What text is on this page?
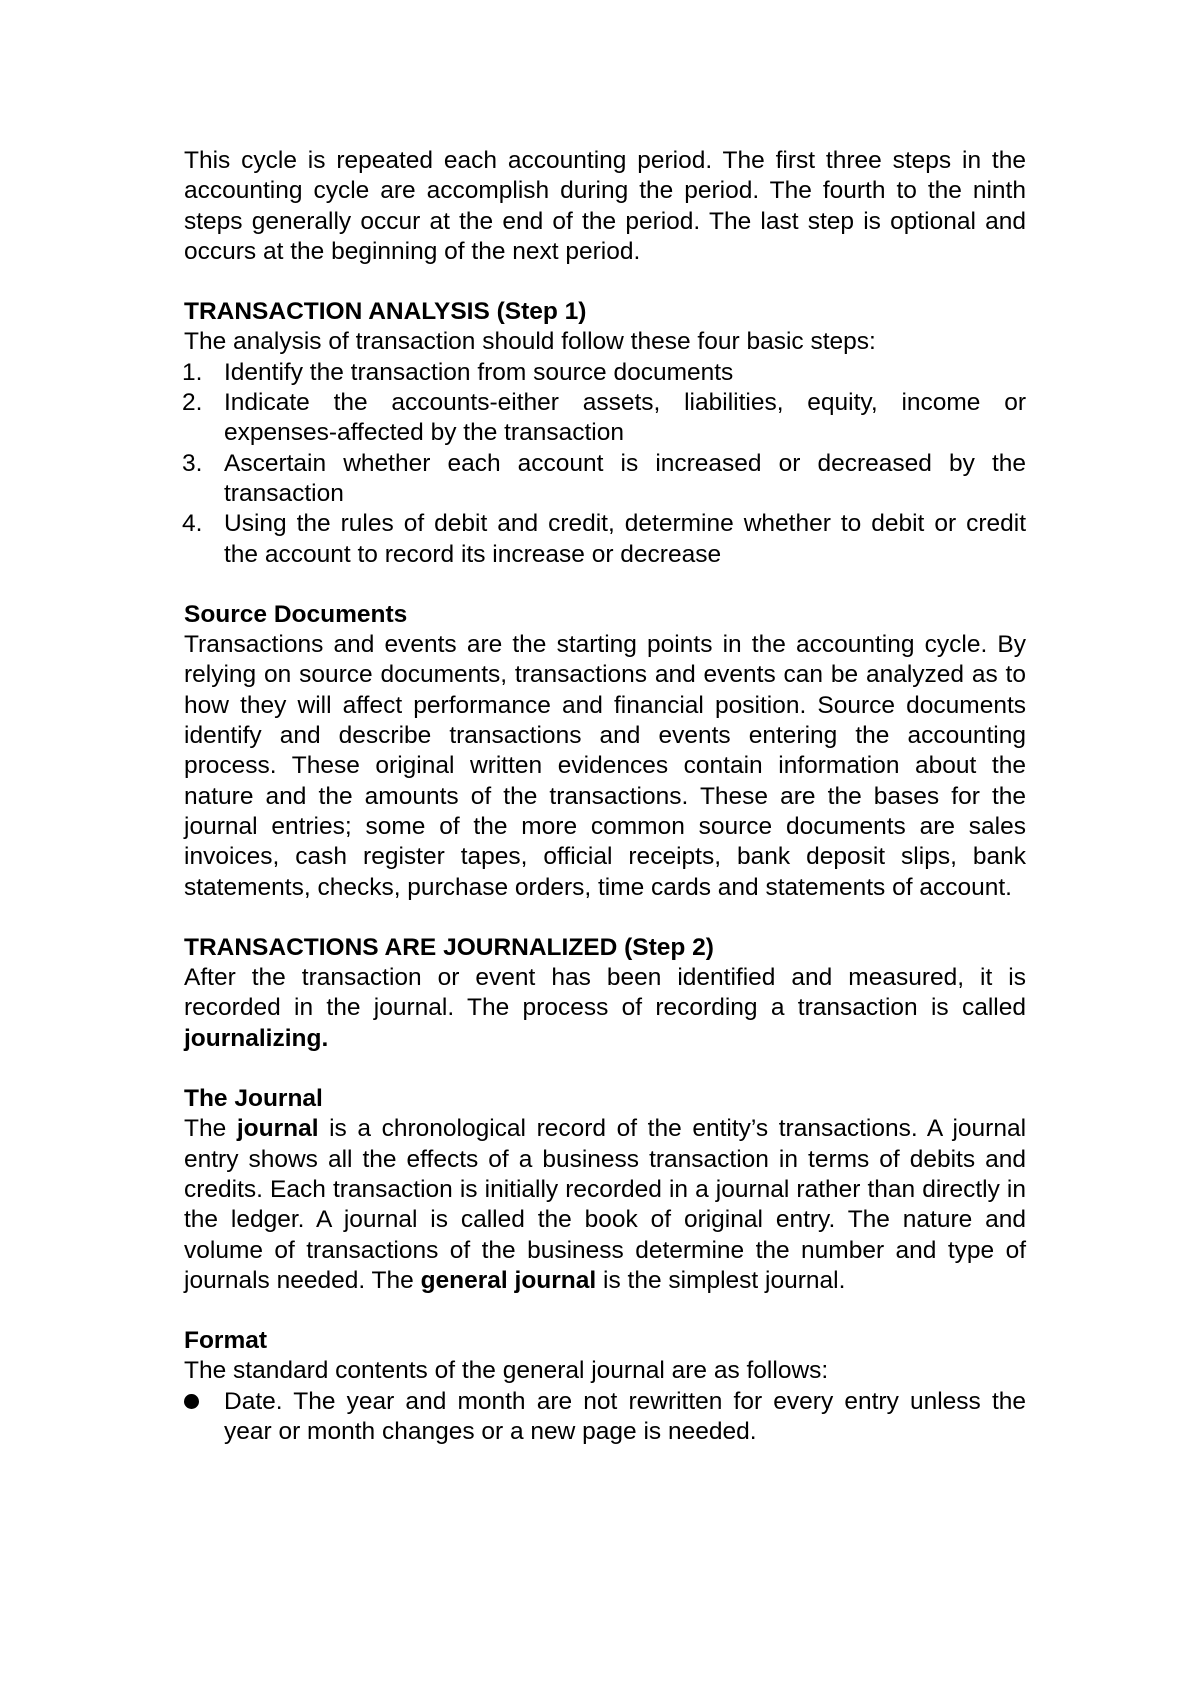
This cycle is repeated each accounting period. The first three steps in the accounting cycle are accomplish during the period. The fourth to the ninth steps generally occur at the end of the period. The last step is optional and occurs at the beginning of the next period.

TRANSACTION ANALYSIS (Step 1)

The analysis of transaction should follow these four basic steps:

1. Identify the transaction from source documents
2. Indicate the accounts-either assets, liabilities, equity, income or expenses-affected by the transaction
3. Ascertain whether each account is increased or decreased by the transaction
4. Using the rules of debit and credit, determine whether to debit or credit the account to record its increase or decrease

Source Documents

Transactions and events are the starting points in the accounting cycle. By relying on source documents, transactions and events can be analyzed as to how they will affect performance and financial position. Source documents identify and describe transactions and events entering the accounting process. These original written evidences contain information about the nature and the amounts of the transactions. These are the bases for the journal entries; some of the more common source documents are sales invoices, cash register tapes, official receipts, bank deposit slips, bank statements, checks, purchase orders, time cards and statements of account.

TRANSACTIONS ARE JOURNALIZED (Step 2)

After the transaction or event has been identified and measured, it is recorded in the journal. The process of recording a transaction is called journalizing.

The Journal

The journal is a chronological record of the entity’s transactions. A journal entry shows all the effects of a business transaction in terms of debits and credits. Each transaction is initially recorded in a journal rather than directly in the ledger. A journal is called the book of original entry. The nature and volume of transactions of the business determine the number and type of journals needed. The general journal is the simplest journal.

Format

The standard contents of the general journal are as follows:

Date. The year and month are not rewritten for every entry unless the year or month changes or a new page is needed.
